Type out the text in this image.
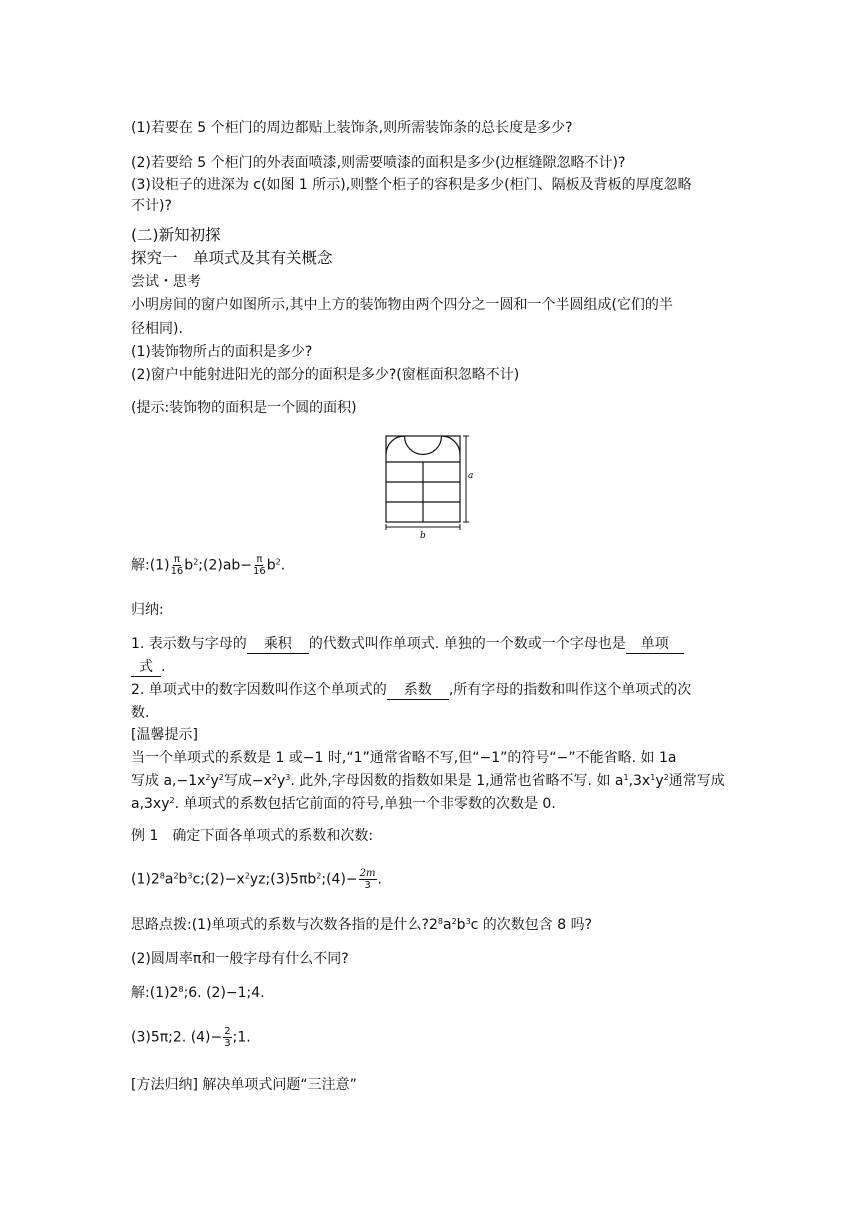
(1)若要在 5 个柜门的周边都贴上装饰条,则所需装饰条的总长度是多少?
(2)若要给 5 个柜门的外表面喷漆,则需要喷漆的面积是多少(边框缝隙忽略不计)?
(3)设柜子的进深为 c(如图 1 所示),则整个柜子的容积是多少(柜门、隔板及背板的厚度忽略
不计)?
(二)新知初探
探究一　单项式及其有关概念
尝试・思考
小明房间的窗户如图所示,其中上方的装饰物由两个四分之一圆和一个半圆组成(它们的半
径相同).
(1)装饰物所占的面积是多少?
(2)窗户中能射进阳光的部分的面积是多少?(窗框面积忽略不计)
(提示:装饰物的面积是一个圆的面积)
a
b
解:(1) $\frac{\pi}{16}$ $b^2;(2)ab- \frac{\pi}{16} b^2$.
归纳:
1. 表示数与字母的 乘积 的代数式叫作单项式. 单独的一个数或一个字母也是 单项
式 .
2. 单项式中的数字因数叫作这个单项式的 系数 ,所有字母的指数和叫作这个单项式的次
数.
[温馨提示]
当一个单项式的系数是 1 或−1 时,“1”通常省略不写,但“−1”的符号“−”不能省略. 如 1a
写成 $a,-1x^2y^2$写成$-x^2y^3$. 此外,字母因数的指数如果是 1,通常也省略不写. 如 $a^1,3x^1y^2$通常写成
$a,3xy^2$. 单项式的系数包括它前面的符号,单独一个非零数的次数是 0.
例 1　确定下面各单项式的系数和次数:
$(1)2^8a^2b^3c;(2)-x^2yz;(3)5\pi b^2;(4)- \frac{2m}{3}$ .
思路点拨:(1)单项式的系数与次数各指的是什么$?2^8a^2b^3c$ 的次数包含 8 吗?
(2)圆周率π和一般字母有什么不同?
解$:(1)2^8;6$. (2)−1;4.
(3)5π;2. $(4)- \frac{2}{3}$ ;1.
[方法归纳] 解决单项式问题“三注意”
